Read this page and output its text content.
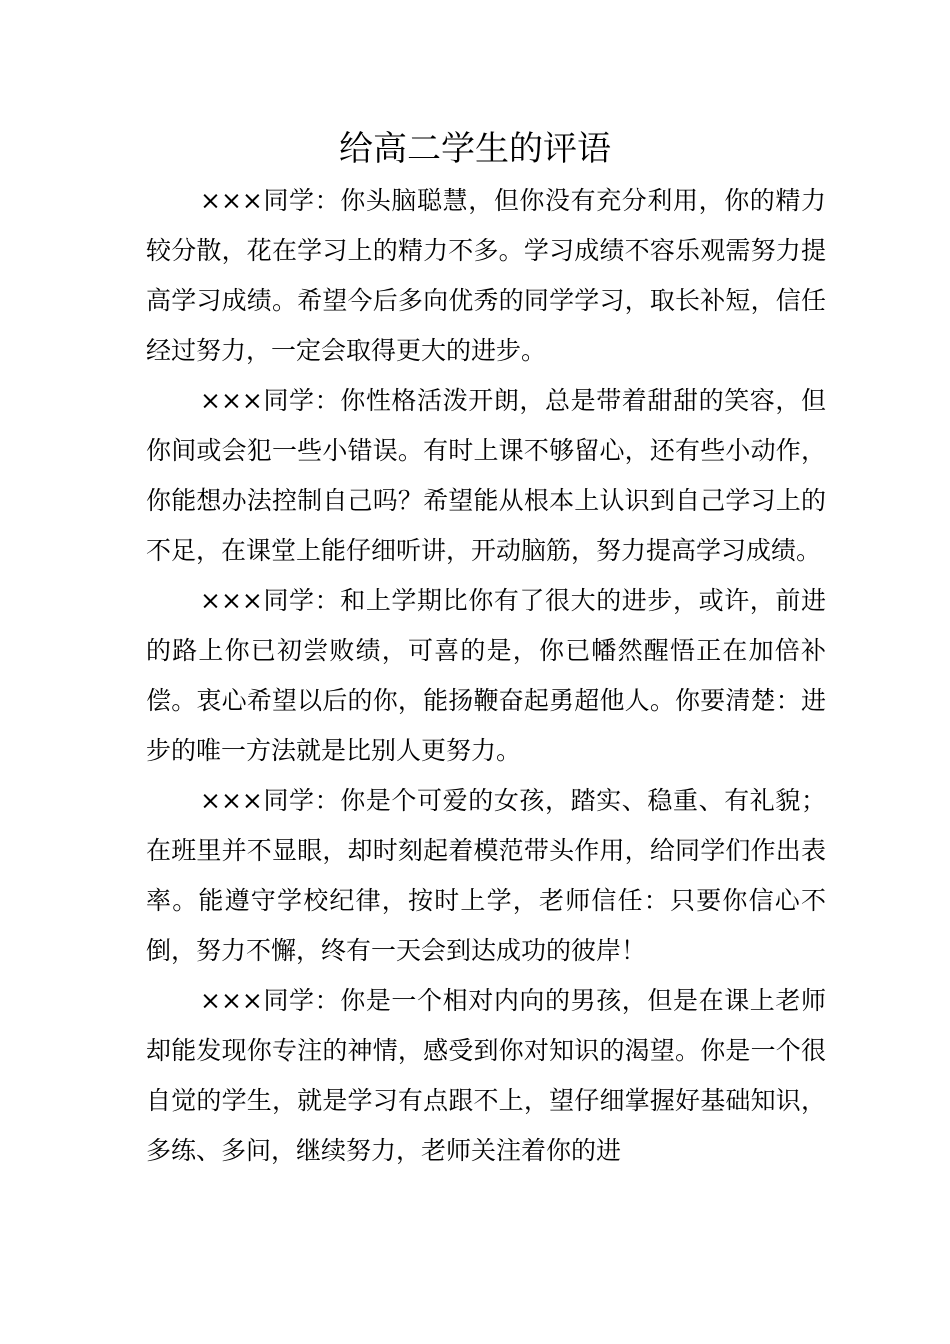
给高二学生的评语

×××同学：你头脑聪慧，但你没有充分利用，你的精力较分散，花在学习上的精力不多。学习成绩不容乐观需努力提高学习成绩。希望今后多向优秀的同学学习，取长补短，信任经过努力，一定会取得更大的进步。

×××同学：你性格活泼开朗，总是带着甜甜的笑容，但你间或会犯一些小错误。有时上课不够留心，还有些小动作，你能想办法控制自己吗？希望能从根本上认识到自己学习上的不足，在课堂上能仔细听讲，开动脑筋，努力提高学习成绩。

×××同学：和上学期比你有了很大的进步，或许，前进的路上你已初尝败绩，可喜的是，你已幡然醒悟正在加倍补偿。衷心希望以后的你，能扬鞭奋起勇超他人。你要清楚：进步的唯一方法就是比别人更努力。

×××同学：你是个可爱的女孩，踏实、稳重、有礼貌；在班里并不显眼，却时刻起着模范带头作用，给同学们作出表率。能遵守学校纪律，按时上学，老师信任：只要你信心不倒，努力不懈，终有一天会到达成功的彼岸！

×××同学：你是一个相对内向的男孩，但是在课上老师却能发现你专注的神情，感受到你对知识的渴望。你是一个很自觉的学生，就是学习有点跟不上，望仔细掌握好基础知识，多练、多问，继续努力，老师关注着你的进
